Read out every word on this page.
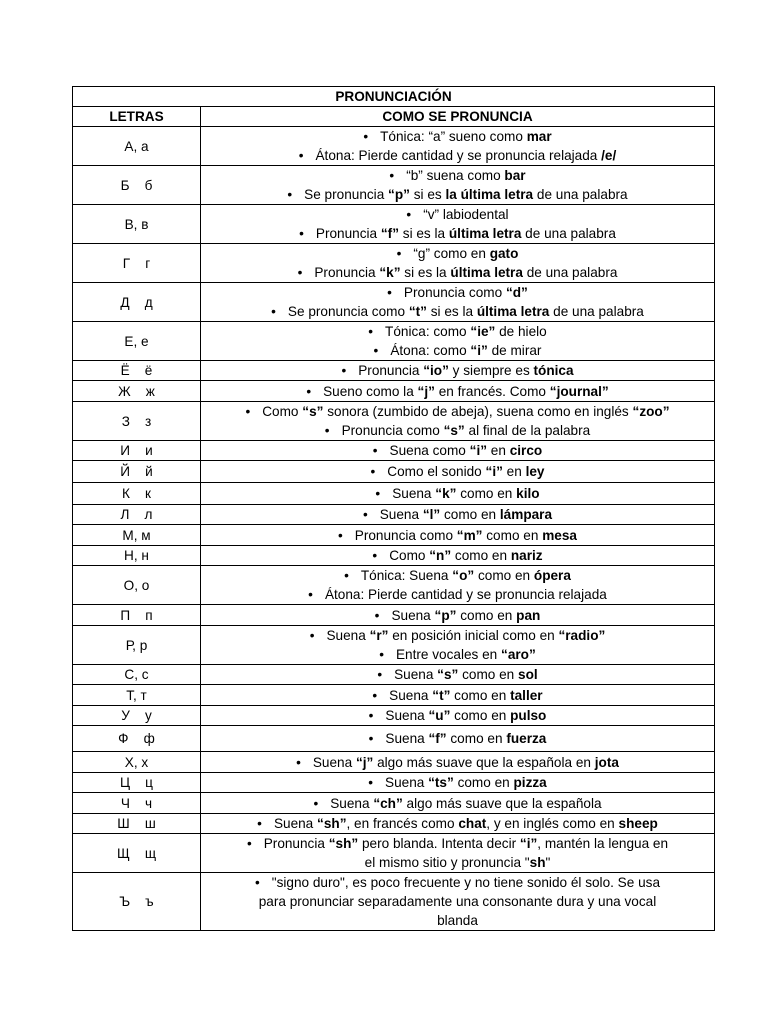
PRONUNCIACIÓN	
LETRAS	COMO SE PRONUNCIA
А, а	• Tónica: “a” sueno como mar
• Átona: Pierde cantidad y se pronuncia relajada /e/

Б    б	• “b” suena como bar
• Se pronuncia “p” si es la última letra de una palabra

В, в	• “v” labiodental
• Pronuncia “f” si es la última letra de una palabra

Г    г	• “g” como en gato
• Pronuncia “k” si es la última letra de una palabra

Д    д	• Pronuncia como “d”
• Se pronuncia como “t” si es la última letra de una palabra

Е, е	• Tónica: como “ie” de hielo
• Átona: como “i” de mirar

Ё    ё	• Pronuncia “io” y siempre es tónica

Ж    ж	• Sueno como la “j” en francés. Como “journal”

З    з	• Como “s” sonora (zumbido de abeja), suena como en inglés “zoo”
• Pronuncia como “s” al final de la palabra

И    и	• Suena como “i” en circo

Й    й	• Como el sonido “i” en ley

К    к	• Suena “k” como en kilo

Л    л	• Suena “l” como en lámpara

М, м	• Pronuncia como “m” como en mesa

Н, н	• Como “n” como en nariz

О, о	• Tónica: Suena “o” como en ópera
• Átona: Pierde cantidad y se pronuncia relajada

П    п	• Suena “p” como en pan

Р, р	• Suena “r” en posición inicial como en “radio”
• Entre vocales en “aro”

С, с	• Suena “s” como en sol

Т, т	• Suena “t” como en taller

У    у	• Suena “u” como en pulso

Ф    ф	• Suena “f” como en fuerza

Х, х	• Suena “j” algo más suave que la española en jota

Ц    ц	• Suena “ts” como en pizza

Ч    ч	• Suena “ch” algo más suave que la española

Ш    ш	• Suena “sh”, en francés como chat, y en inglés como en sheep

Щ    щ	• Pronuncia “sh” pero blanda. Intenta decir “i”, mantén la lengua en
el mismo sitio y pronuncia "sh"

Ъ    ъ	• "signo duro", es poco frecuente y no tiene sonido él solo. Se usa
para pronunciar separadamente una consonante dura y una vocal
blanda
